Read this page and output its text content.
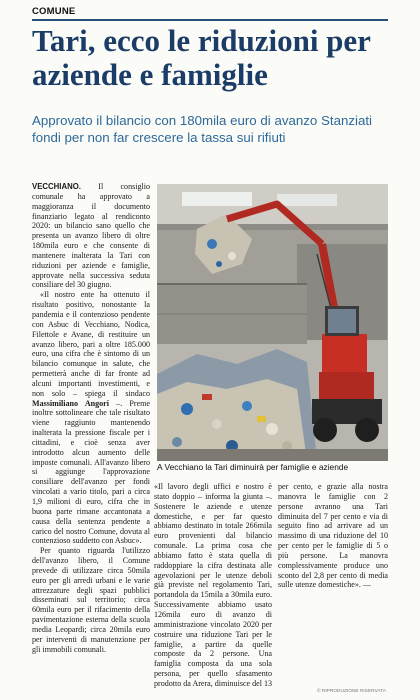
COMUNE
Tari, ecco le riduzioni per aziende e famiglie
Approvato il bilancio con 180mila euro di avanzo Stanziati fondi per non far crescere la tassa sui rifiuti

VECCHIANO. Il consiglio comunale ha approvato a maggioranza il documento finanziario legato al rendiconto 2020: un bilancio sano quello che presenta un avanzo libero di oltre 180mila euro e che consente di mantenere inalterata la Tari con riduzioni per aziende e famiglie, approvate nella successiva seduta consiliare del 30 giugno.

«Il nostro ente ha ottenuto il risultato positivo, nonostante la pandemia e il contenzioso pendente con Asbuc di Vecchiano, Nodica, Filettole e Avane, di restituire un avanzo libero, pari a oltre 185.000 euro, una cifra che è sintomo di un bilancio comunque in salute, che permetterà anche di far fronte ad alcuni importanti investimenti, e non solo – spiega il sindaco Massimiliano Angori –. Preme inoltre sottolineare che tale risultato viene raggiunto mantenendo inalterata la pressione fiscale per i cittadini, e cioè senza aver introdotto alcun aumento delle imposte comunali. All'avanzo libero si aggiunge l'approvazione consiliare dell'avanzo per fondi vincolati a vario titolo, pari a circa 1,9 milioni di euro, cifra che in buona parte rimane accantonata a causa della sentenza pendente a carico del nostro Comune, dovuta al contenzioso suddetto con Asbuc».

Per quanto riguarda l'utilizzo dell'avanzo libero, il Comune prevede di utilizzare circa 50mila euro per gli arredi urbani e le varie attrezzature degli spazi pubblici disseminati sul territorio; circa 60mila euro per il rifacimento della pavimentazione esterna della scuola media Leopardi; circa 20mila euro per interventi di manutenzione per gli immobili comunali.

A Vecchiano la Tari diminuirà per famiglie e aziende

«Il lavoro degli uffici e nostro è stato doppio – informa la giunta –. Sostenere le aziende e utenze domestiche, e per far questo abbiamo destinato in totale 266mila euro provenienti dal bilancio comunale. La prima cosa che abbiamo fatto è stata quella di raddoppiare la cifra destinata alle agevolazioni per le utenze deboli già previste nel regolamento Tari, portandola da 15mila a 30mila euro. Successivamente abbiamo usato 126mila euro di avanzo di amministrazione vincolato 2020 per costruire una riduzione Tari per le famiglie, a partire da quelle composte da 2 persone. Una famiglia composta da una sola persona, per quello sfasamento prodotto da Arera, diminuisce del 13

per cento, e grazie alla nostra manovra le famiglie con 2 persone avranno una Tari diminuita del 7 per cento e via di seguito fino ad arrivare ad un massimo di una riduzione del 10 per cento per le famiglie di 5 o più persone. La manovra complessivamente produce uno sconto del 2,8 per cento di media sulle utenze domestiche». —

© RIPRODUZIONE RISERVATA
